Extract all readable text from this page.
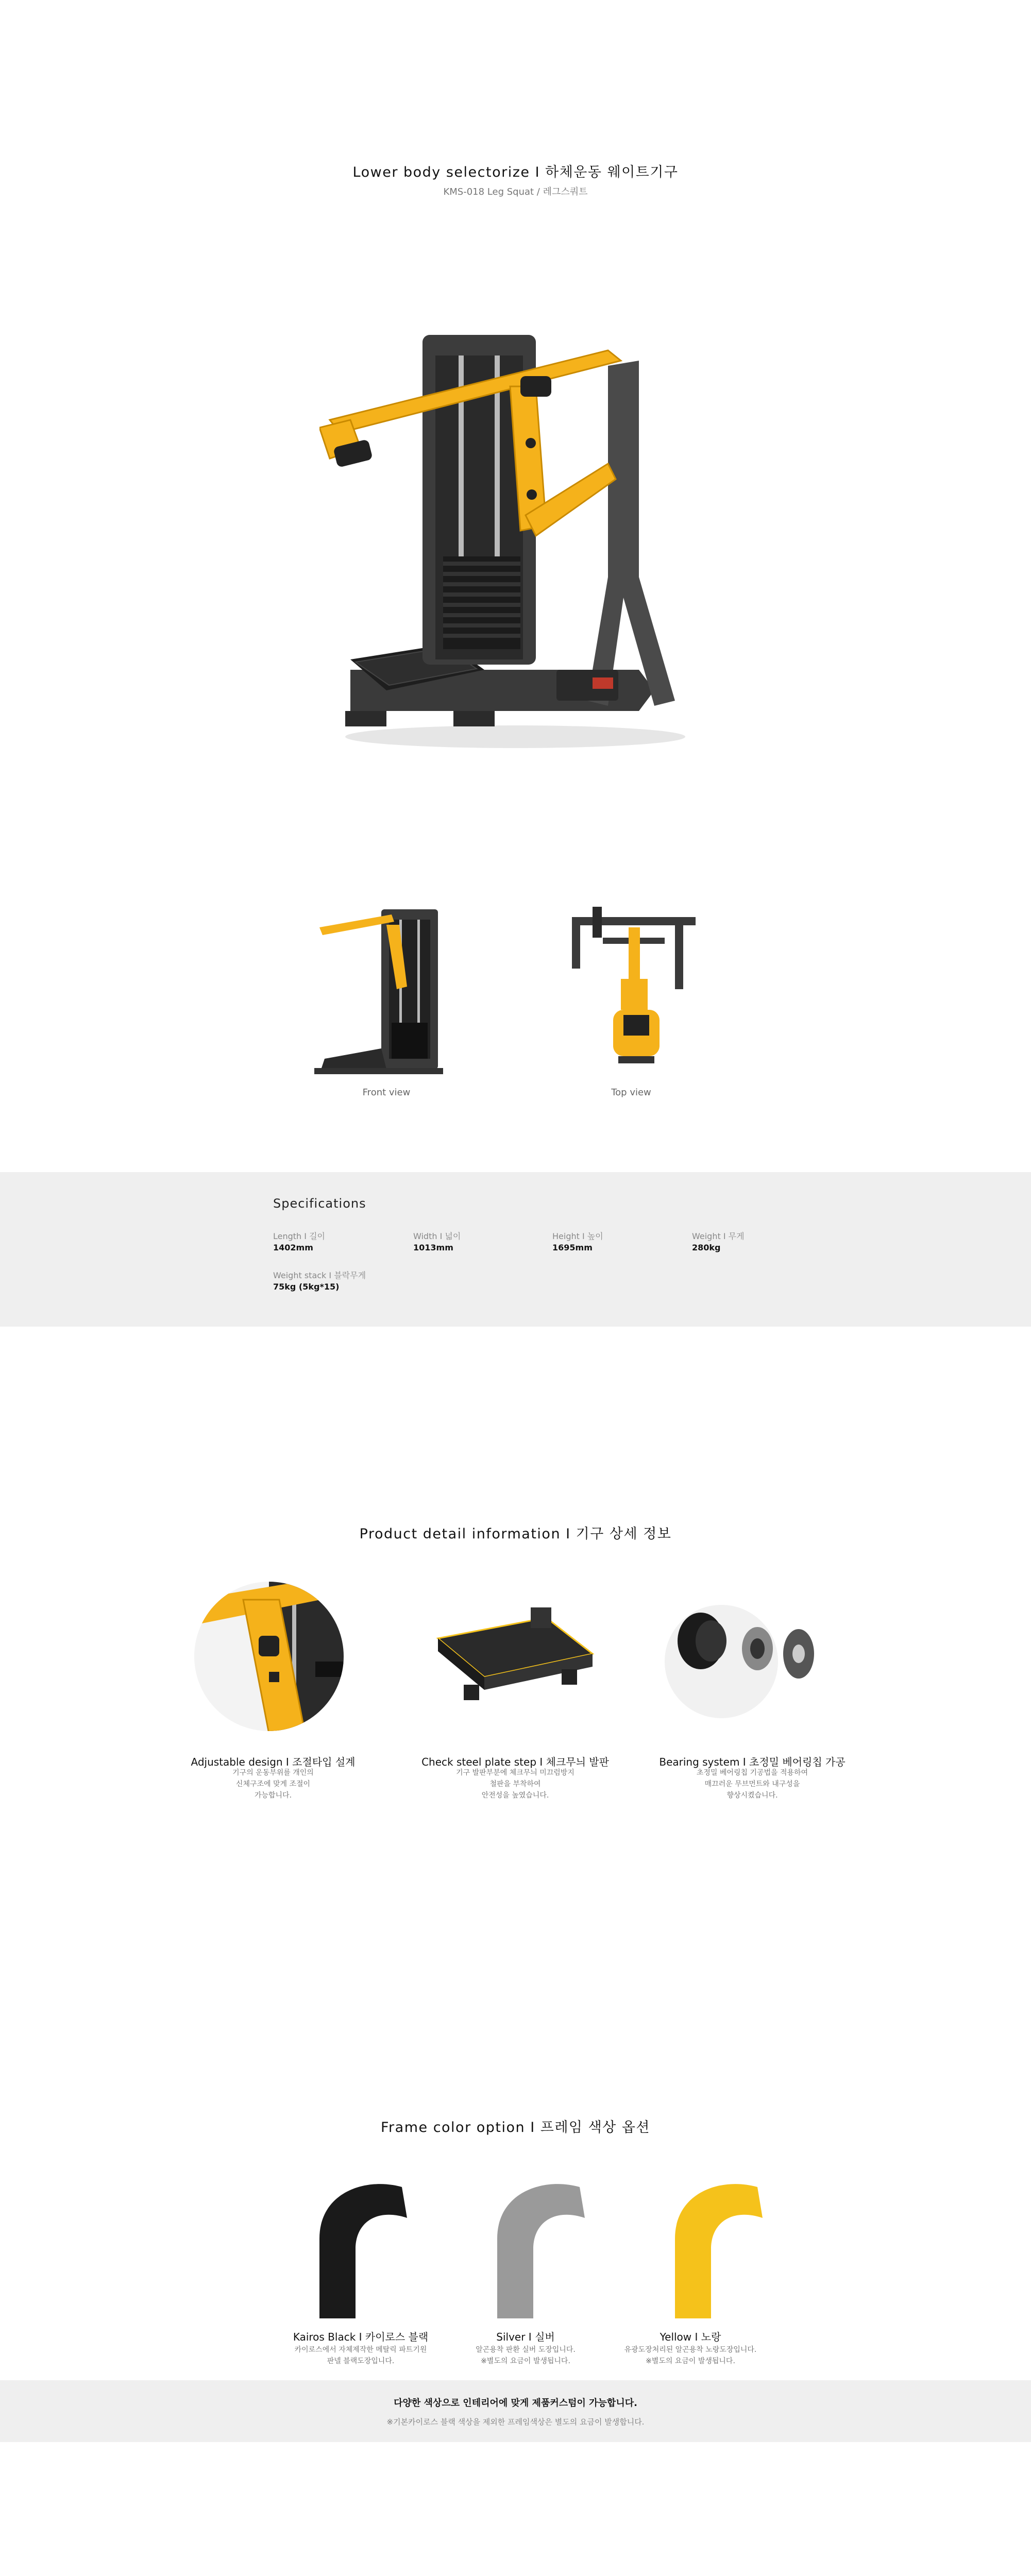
Lower body selectorize I 하체운동 웨이트기구
KMS-018 Leg Squat / 레그스쿼트
Front view	Top view
Specifications
Length I 길이
1402mm
Width I 넓이
1013mm
Height I 높이
1695mm
Weight I 무게
280kg
Weight stack I 블락무게
75kg (5kg*15)
Product detail information I 기구 상세 정보
Adjustable design I 조절타입 설계
기구의 운동부위를 개인의
신체구조에 맞게 조절이
가능합니다.
Check steel plate step I 체크무늬 발판
기구 발판부분에 체크무늬 미끄럼방지
철판을 부착하여
안전성을 높였습니다.
Bearing system I 초정밀 베어링칩 가공
초정밀 베어링칩 기공법을 적용하여
매끄러운 무브먼트와 내구성을
향상시켰습니다.
Frame color option I 프레임 색상 옵션
Kairos Black I 카이로스 블랙
카이로스에서 자체제작한 메탈릭 파트기원
판넬 블랙도장입니다.
Silver I 실버
알곤용착 판환 실버 도장입니다.
※별도의 요금이 발생됩니다.
Yellow I 노랑
유광도장처리된 알곤용착 노랑도장입니다.
※별도의 요금이 발생됩니다.
다양한 색상으로 인테리어에 맞게 제품커스텀이 가능합니다.
※기본카이로스 블랙 색상을 제외한 프레임색상은 별도의 요금이 발생합니다.
